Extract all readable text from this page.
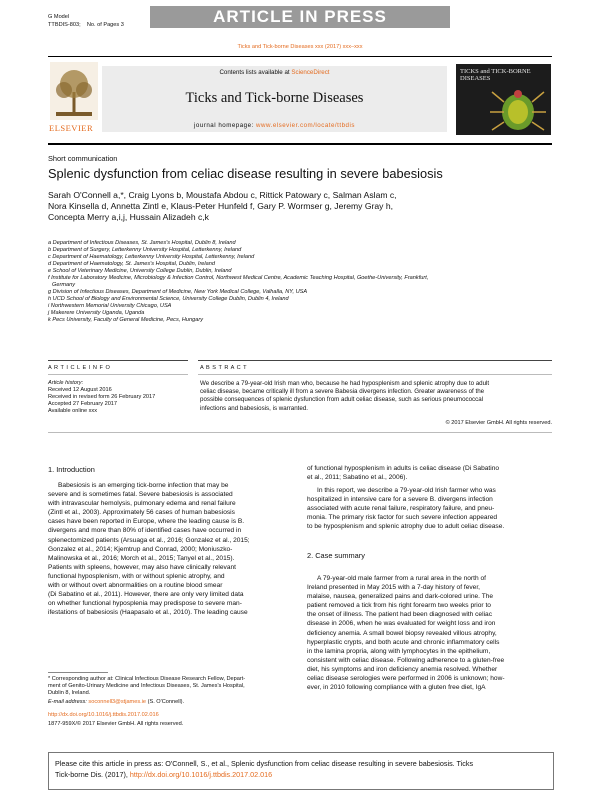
G Model
TTBDIS-803; No. of Pages 3	ARTICLE IN PRESS
Ticks and Tick-borne Diseases xxx (2017) xxx–xxx
ELSEVIER
Contents lists available at ScienceDirect
Ticks and Tick-borne Diseases
journal homepage: www.elsevier.com/locate/ttbdis
TICKS and TICK-BORNE DISEASES
Short communication
Splenic dysfunction from celiac disease resulting in severe babesiosis
Sarah O'Connell a,*, Craig Lyons b, Moustafa Abdou c, Rittick Patowary c, Salman Aslam c,
Nora Kinsella d, Annetta Zintl e, Klaus-Peter Hunfeld f, Gary P. Wormser g, Jeremy Gray h,
Concepta Merry a,i,j, Hussain Alizadeh c,k
a Department of Infectious Diseases, St. James's Hospital, Dublin 8, Ireland
b Department of Surgery, Letterkenny University Hospital, Letterkenny, Ireland
c Department of Haematology, Letterkenny University Hospital, Letterkenny, Ireland
d Department of Haematology, St. James's Hospital, Dublin, Ireland
e School of Veterinary Medicine, University College Dublin, Dublin, Ireland
f Institute for Laboratory Medicine, Microbiology & Infection Control, Northwest Medical Centre, Academic Teaching Hospital, Goethe-University, Frankfurt,
Germany
g Division of Infectious Diseases, Department of Medicine, New York Medical College, Valhalla, NY, USA
h UCD School of Biology and Environmental Science, University College Dublin, Dublin 4, Ireland
i Northwestern Memorial University Chicago, USA
j Makerere University Uganda, Uganda
k Pecs University, Faculty of General Medicine, Pecs, Hungary
A R T I C L E I N F O	A B S T R A C T
Article history:
Received 12 August 2016
Received in revised form 26 February 2017
Accepted 27 February 2017
Available online xxx
We describe a 79-year-old Irish man who, because he had hyposplenism and splenic atrophy due to adult
celiac disease, became critically ill from a severe Babesia divergens infection. Greater awareness of the
possible consequences of splenic dysfunction from adult celiac disease, such as serious pneumococcal
infections and babesiosis, is warranted.
© 2017 Elsevier GmbH. All rights reserved.
1. Introduction
Babesiosis is an emerging tick-borne infection that may be
severe and is sometimes fatal. Severe babesiosis is associated
with intravascular hemolysis, pulmonary edema and renal failure
(Zintl et al., 2003). Approximately 56 cases of human babesiosis
cases have been reported in Europe, where the leading cause is B.
divergens and more than 80% of identified cases have occurred in
splenectomized patients (Arsuaga et al., 2016; Gonzalez et al., 2015;
Gonzalez et al., 2014; Kjemtrup and Conrad, 2000; Moniuszko-
Malinowska et al., 2016; Morch et al., 2015; Tanyel et al., 2015).
Patients with spleens, however, may also have clinically relevant
functional hyposplenism, with or without splenic atrophy, and
with or without overt abnormalities on a routine blood smear
(Di Sabatino et al., 2011). However, there are only very limited data
on whether functional hyposplenia may predispose to severe man-
ifestations of babesiosis (Haapasalo et al., 2010). The leading cause
* Corresponding author at: Clinical Infectious Disease Research Fellow, Depart-
ment of Genito-Urinary Medicine and Infectious Diseases, St. James's Hospital,
Dublin 8, Ireland.
E-mail address: soconnell3@stjames.ie (S. O'Connell).
http://dx.doi.org/10.1016/j.ttbdis.2017.02.016
1877-959X/© 2017 Elsevier GmbH. All rights reserved.
of functional hyposplenism in adults is celiac disease (Di Sabatino
et al., 2011; Sabatino et al., 2006).
In this report, we describe a 79-year-old Irish farmer who was
hospitalized in intensive care for a severe B. divergens infection
associated with acute renal failure, respiratory failure, and pneu-
monia. The primary risk factor for such severe infection appeared
to be hyposplenism and splenic atrophy due to adult celiac disease.
2. Case summary
A 79-year-old male farmer from a rural area in the north of
Ireland presented in May 2015 with a 7-day history of fever,
malaise, nausea, generalized pains and dark-colored urine. The
patient removed a tick from his right forearm two weeks prior to
the onset of illness. The patient had been diagnosed with celiac
disease in 2006, when he was evaluated for weight loss and iron
deficiency anemia. A small bowel biopsy revealed villous atrophy,
hyperplastic crypts, and both acute and chronic inflammatory cells
in the lamina propria, along with lymphocytes in the epithelium,
consistent with celiac disease. Following adherence to a gluten-free
diet, his symptoms and iron deficiency anemia resolved. Whether
celiac disease serologies were performed in 2006 is unknown; how-
ever, in 2010 following compliance with a gluten free diet, IgA
Please cite this article in press as: O'Connell, S., et al., Splenic dysfunction from celiac disease resulting in severe babesiosis. Ticks
Tick-borne Dis. (2017), http://dx.doi.org/10.1016/j.ttbdis.2017.02.016
